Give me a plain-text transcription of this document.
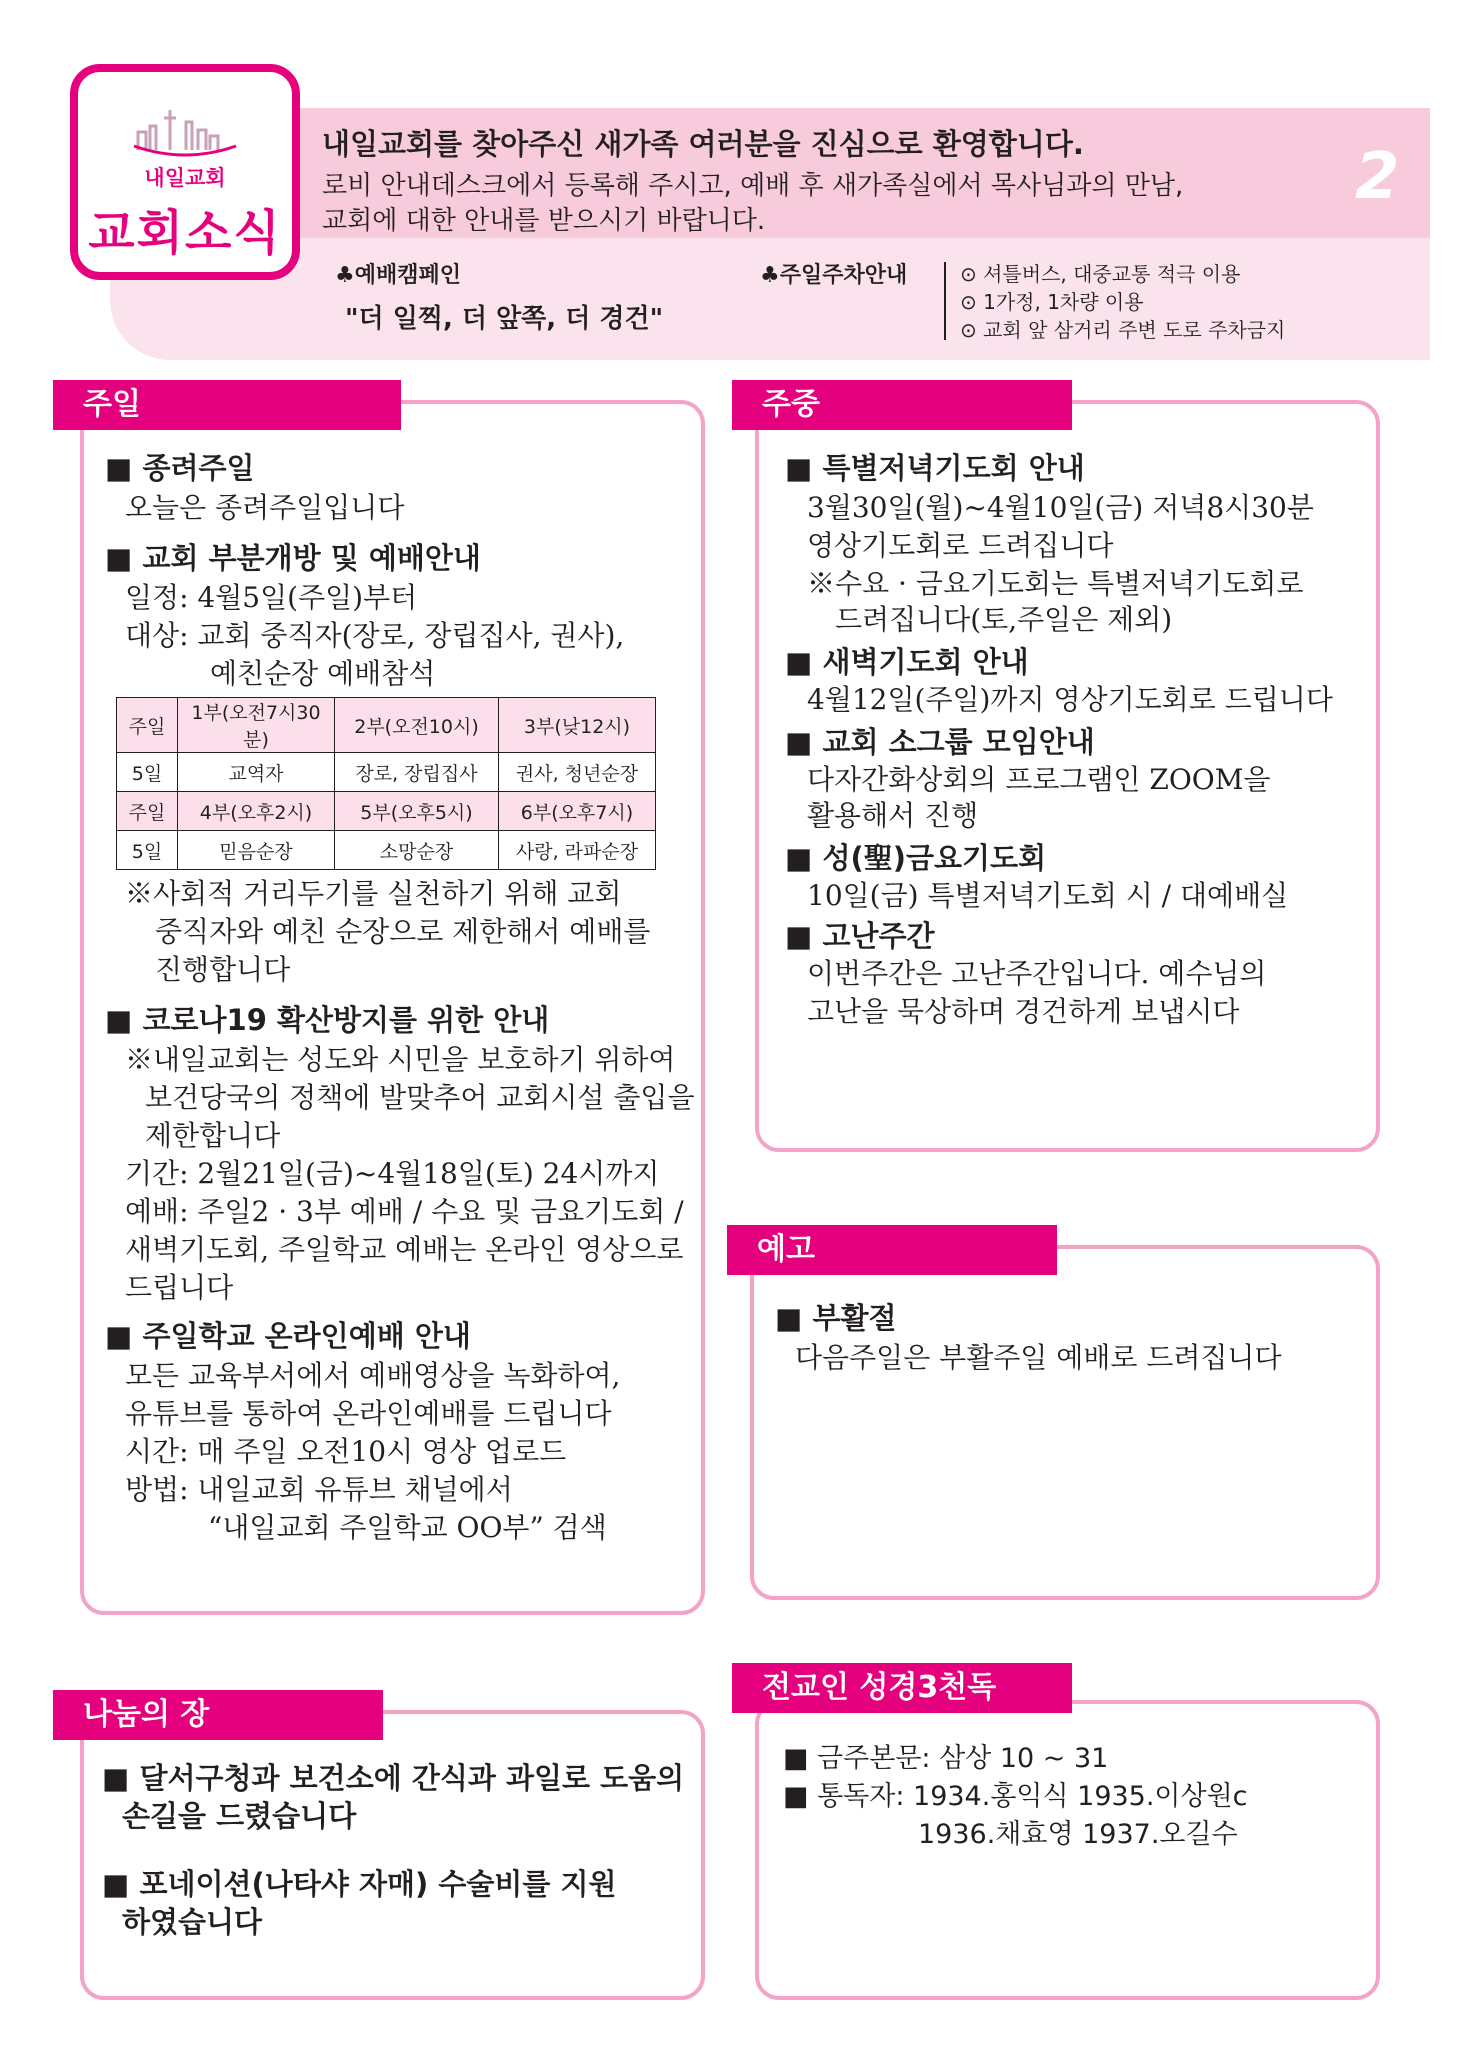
내일교회
교회소식
2
내일교회를 찾아주신 새가족 여러분을 진심으로 환영합니다.
로비 안내데스크에서 등록해 주시고, 예배 후 새가족실에서 목사님과의 만남,
교회에 대한 안내를 받으시기 바랍니다.
♣예배캠페인
"더 일찍, 더 앞쪽, 더 경건"
♣주일주차안내	⊙ 셔틀버스, 대중교통 적극 이용
⊙ 1가정, 1차량 이용
⊙ 교회 앞 삼거리 주변 도로 주차금지
주일
■ 종려주일
오늘은 종려주일입니다
■ 교회 부분개방 및 예배안내
일정: 4월5일(주일)부터
대상: 교회 중직자(장로, 장립집사, 권사),
예친순장 예배참석
주일	1부(오전7시30분)	2부(오전10시)	3부(낮12시)
5일	교역자	장로, 장립집사	권사, 청년순장
주일	4부(오후2시)	5부(오후5시)	6부(오후7시)
5일	믿음순장	소망순장	사랑, 라파순장
※사회적 거리두기를 실천하기 위해 교회
중직자와 예친 순장으로 제한해서 예배를
진행합니다
■ 코로나19 확산방지를 위한 안내
※내일교회는 성도와 시민을 보호하기 위하여
보건당국의 정책에 발맞추어 교회시설 출입을
제한합니다
기간: 2월21일(금)~4월18일(토) 24시까지
예배: 주일2 · 3부 예배 / 수요 및 금요기도회 /
새벽기도회, 주일학교 예배는 온라인 영상으로
드립니다
■ 주일학교 온라인예배 안내
모든 교육부서에서 예배영상을 녹화하여,
유튜브를 통하여 온라인예배를 드립니다
시간: 매 주일 오전10시 영상 업로드
방법: 내일교회 유튜브 채널에서
“내일교회 주일학교 OO부” 검색
주중
■ 특별저녁기도회 안내
3월30일(월)~4월10일(금) 저녁8시30분
영상기도회로 드려집니다
※수요 · 금요기도회는 특별저녁기도회로
드려집니다(토,주일은 제외)
■ 새벽기도회 안내
4월12일(주일)까지 영상기도회로 드립니다
■ 교회 소그룹 모임안내
다자간화상회의 프로그램인 ZOOM을
활용해서 진행
■ 성(聖)금요기도회
10일(금) 특별저녁기도회 시 / 대예배실
■ 고난주간
이번주간은 고난주간입니다. 예수님의
고난을 묵상하며 경건하게 보냅시다
예고
■ 부활절
다음주일은 부활주일 예배로 드려집니다
나눔의 장
■ 달서구청과 보건소에 간식과 과일로 도움의
손길을 드렸습니다
■ 포네이션(나타샤 자매) 수술비를 지원
하였습니다
전교인 성경3천독
■ 금주본문: 삼상 10 ~ 31
■ 통독자: 1934.홍익식 1935.이상원c
1936.채효영 1937.오길수
